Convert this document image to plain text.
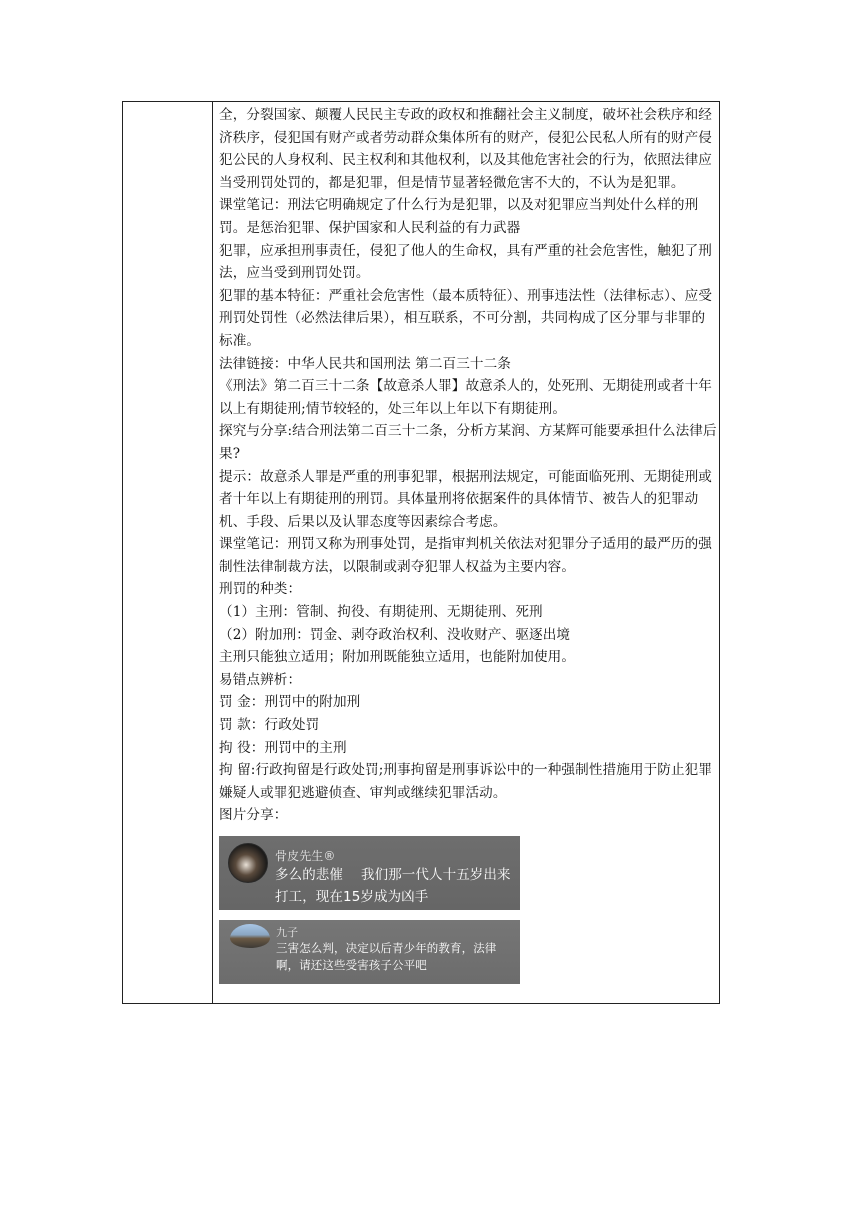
全，分裂国家、颠覆人民民主专政的政权和推翻社会主义制度，破坏社会秩序和经济秩序，侵犯国有财产或者劳动群众集体所有的财产，侵犯公民私人所有的财产侵犯公民的人身权利、民主权利和其他权利，以及其他危害社会的行为，依照法律应当受刑罚处罚的，都是犯罪，但是情节显著轻微危害不大的，不认为是犯罪。

课堂笔记：刑法它明确规定了什么行为是犯罪，以及对犯罪应当判处什么样的刑罚。是惩治犯罪、保护国家和人民利益的有力武器

犯罪，应承担刑事责任，侵犯了他人的生命权，具有严重的社会危害性，触犯了刑法，应当受到刑罚处罚。

犯罪的基本特征：严重社会危害性（最本质特征）、刑事违法性（法律标志）、应受刑罚处罚性（必然法律后果），相互联系，不可分割，共同构成了区分罪与非罪的标准。

法律链接：中华人民共和国刑法 第二百三十二条

《刑法》第二百三十二条【故意杀人罪】故意杀人的，处死刑、无期徒刑或者十年以上有期徒刑;情节较轻的，处三年以上年以下有期徒刑。

探究与分享:结合刑法第二百三十二条，分析方某润、方某辉可能要承担什么法律后果?

提示：故意杀人罪是严重的刑事犯罪，根据刑法规定，可能面临死刑、无期徒刑或者十年以上有期徒刑的刑罚。具体量刑将依据案件的具体情节、被告人的犯罪动机、手段、后果以及认罪态度等因素综合考虑。

课堂笔记：刑罚又称为刑事处罚，是指审判机关依法对犯罪分子适用的最严历的强制性法律制裁方法，以限制或剥夺犯罪人权益为主要内容。

刑罚的种类：

（1）主刑：管制、拘役、有期徒刑、无期徒刑、死刑

（2）附加刑：罚金、剥夺政治权利、没收财产、驱逐出境

主刑只能独立适用；附加刑既能独立适用，也能附加使用。

易错点辨析：

罚 金：刑罚中的附加刑

罚 款：行政处罚

拘 役：刑罚中的主刑

拘 留:行政拘留是行政处罚;刑事拘留是刑事诉讼中的一种强制性措施用于防止犯罪嫌疑人或罪犯逃避侦查、审判或继续犯罪活动。

图片分享：

骨皮先生®
多么的悲催　 我们那一代人十五岁出来打工，现在15岁成为凶手
九子
三害怎么判，决定以后青少年的教育，法律啊，请还这些受害孩子公平吧
